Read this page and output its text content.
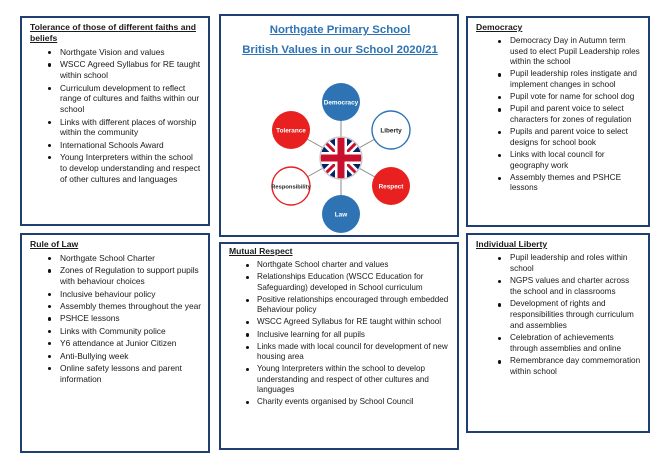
Tolerance of those of different faiths and beliefs
Northgate Vision and values
WSCC Agreed Syllabus for RE taught within school
Curriculum development to reflect range of cultures and faiths within our school
Links with different places of worship within the community
International Schools Award
Young Interpreters within the school to develop understanding and respect of other cultures and languages
Rule of Law
Northgate School Charter
Zones of Regulation to support pupils with behaviour choices
Inclusive behaviour policy
Assembly themes throughout the year
PSHCE lessons
Links with Community police
Y6 attendance at Junior Citizen
Anti-Bullying week
Online safety lessons and parent information
Northgate Primary School
British Values in our School 2020/21
Democracy
Liberty
Respect
Law
Responsibility
Tolerance
Mutual Respect
Northgate School charter and values
Relationships Education (WSCC Education for Safeguarding) developed in School curriculum
Positive relationships encouraged through embedded Behaviour policy
WSCC Agreed Syllabus for RE taught within school
Inclusive learning for all pupils
Links made with local council for development of new housing area
Young Interpreters within the school to develop understanding and respect of other cultures and languages
Charity events organised by School Council
Democracy
Democracy Day in Autumn term used to elect Pupil Leadership roles within the school
Pupil leadership roles instigate and implement changes in school
Pupil vote for name for school dog
Pupil and parent voice to select characters for zones of regulation
Pupils and parent voice to select designs for school book
Links with local council for geography work
Assembly themes and PSHCE lessons
Individual Liberty
Pupil leadership and roles within school
NGPS values and charter across the school and in classrooms
Development of rights and responsibilities through curriculum and assemblies
Celebration of achievements through assemblies and online
Remembrance day commemoration within school
